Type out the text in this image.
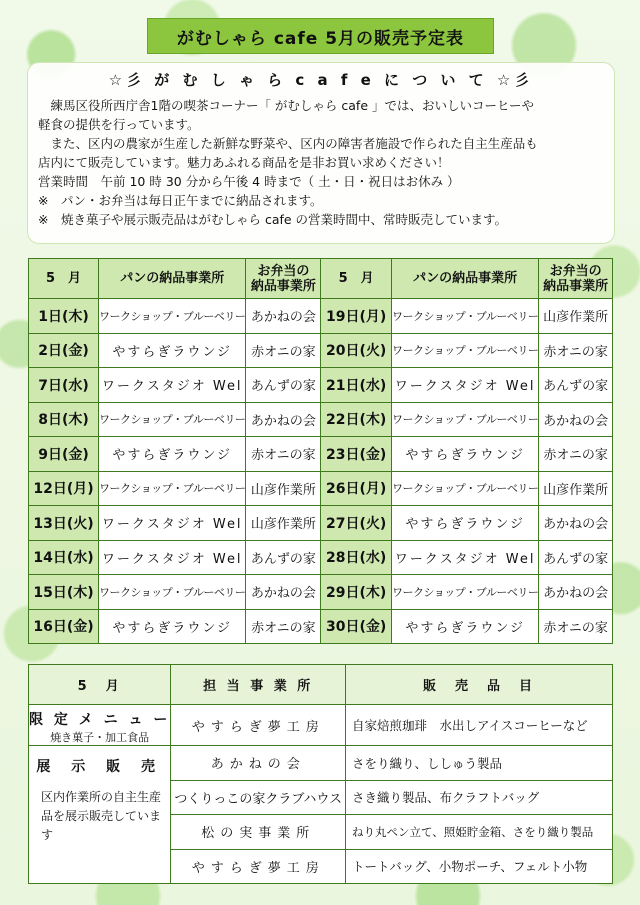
がむしゃら cafe 5月の販売予定表
☆彡 が む し ゃ ら c a f e に つ い て ☆彡

練馬区役所西庁舎1階の喫茶コーナー「 がむしゃら cafe 」では、おいしいコーヒーや

軽食の提供を行っています。

また、区内の農家が生産した新鮮な野菜や、区内の障害者施設で作られた自主生産品も

店内にて販売しています。魅力あふれる商品を是非お買い求めください！

営業時間　午前 10 時 30 分から午後 4 時まで（ 土・日・祝日はお休み ）

※　パン・お弁当は毎日正午までに納品されます。

※　焼き菓子や展示販売品はがむしゃら cafe の営業時間中、常時販売しています。

5　月	パンの納品事業所	お弁当の
納品事業所	5　月	パンの納品事業所	お弁当の
納品事業所
1日(木)	ワークショップ・ブルーベリー	あかねの会	19日(月)	ワークショップ・ブルーベリー	山彦作業所
2日(金)	やすらぎラウンジ	赤オニの家	20日(火)	ワークショップ・ブルーベリー	赤オニの家
7日(水)	ワークスタジオ Wel	あんずの家	21日(水)	ワークスタジオ Wel	あんずの家
8日(木)	ワークショップ・ブルーベリー	あかねの会	22日(木)	ワークショップ・ブルーベリー	あかねの会
9日(金)	やすらぎラウンジ	赤オニの家	23日(金)	やすらぎラウンジ	赤オニの家
12日(月)	ワークショップ・ブルーベリー	山彦作業所	26日(月)	ワークショップ・ブルーベリー	山彦作業所
13日(火)	ワークスタジオ Wel	山彦作業所	27日(火)	やすらぎラウンジ	あかねの会
14日(水)	ワークスタジオ Wel	あんずの家	28日(水)	ワークスタジオ Wel	あんずの家
15日(木)	ワークショップ・ブルーベリー	あかねの会	29日(木)	ワークショップ・ブルーベリー	あかねの会
16日(金)	やすらぎラウンジ	赤オニの家	30日(金)	やすらぎラウンジ	赤オニの家
5　月	担 当 事 業 所	販　売　品　目

限 定 メ ニ ュ ー
焼き菓子・加工食品	やすらぎ夢工房	自家焙煎珈琲　水出しアイスコーヒーなど

展 示 販 売
区内作業所の自主生産品を展示販売しています	あかねの会	さをり織り、ししゅう製品
	つくりっこの家クラブハウス	さき織り製品、布クラフトバッグ
	松の実事業所	ねり丸ペン立て、照姫貯金箱、さをり織り製品
	やすらぎ夢工房	トートバッグ、小物ポーチ、フェルト小物
